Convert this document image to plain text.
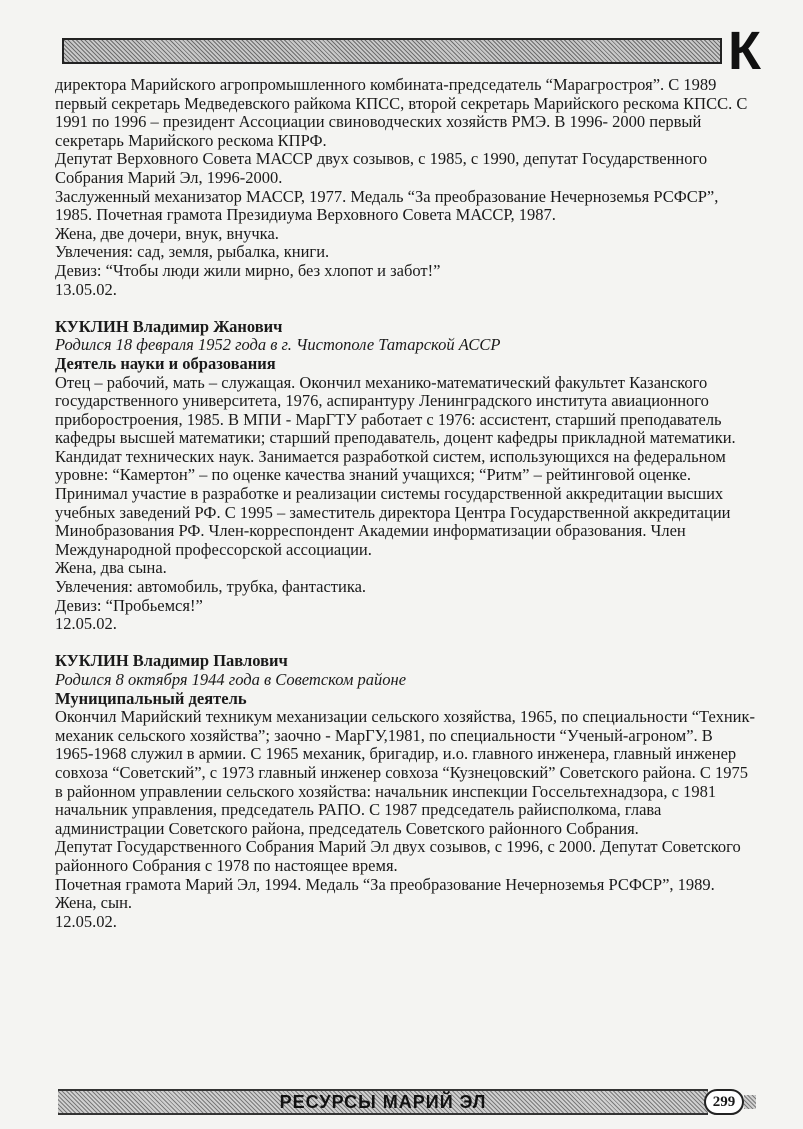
К

директора Марийского агропромышленного комбината-председатель “Марагростроя”. С 1989 первый секретарь Медведевского райкома КПСС, второй секретарь Марийского рескома КПСС. С 1991 по 1996 – президент Ассоциации свиноводческих хозяйств РМЭ. В 1996- 2000 первый секретарь Марийского рескома КПРФ.

Депутат Верховного Совета МАССР двух созывов, с 1985, с 1990, депутат Государственного Собрания Марий Эл, 1996-2000.

Заслуженный механизатор МАССР, 1977. Медаль “За преобразование Нечерноземья РСФСР”, 1985. Почетная грамота Президиума Верховного Совета МАССР, 1987.

Жена, две дочери, внук, внучка.

Увлечения: сад, земля, рыбалка, книги.

Девиз: “Чтобы люди жили мирно, без хлопот и забот!”

13.05.02.

КУКЛИН Владимир Жанович

Родился 18 февраля 1952 года в г. Чистополе Татарской АССР

Деятель науки и образования

Отец – рабочий, мать – служащая. Окончил механико-математический факультет Казанского государственного университета, 1976, аспирантуру Ленинградского института авиационного приборостроения, 1985. В МПИ - МарГТУ работает с 1976: ассистент, старший преподаватель кафедры высшей математики; старший преподаватель, доцент кафедры прикладной математики.

Кандидат технических наук. Занимается разработкой систем, использующихся на федеральном уровне: “Камертон” – по оценке качества знаний учащихся; “Ритм” – рейтинговой оценке. Принимал участие в разработке и реализации системы государственной аккредитации высших учебных заведений РФ. С 1995 – заместитель директора Центра Государственной аккредитации Минобразования РФ. Член-корреспондент Академии информатизации образования. Член Международной профессорской ассоциации.

Жена, два сына.

Увлечения: автомобиль, трубка, фантастика.

Девиз: “Пробьемся!”

12.05.02.

КУКЛИН Владимир Павлович

Родился 8 октября 1944 года в Советском районе

Муниципальный деятель

Окончил Марийский техникум механизации сельского хозяйства, 1965, по специальности “Техник-механик сельского хозяйства”; заочно - МарГУ,1981, по специальности “Ученый-агроном”. В 1965-1968 служил в армии. С 1965 механик, бригадир, и.о. главного инженера, главный инженер совхоза “Советский”, с 1973 главный инженер совхоза “Кузнецовский” Советского района. С 1975 в районном управлении сельского хозяйства: начальник инспекции Госсельтехнадзора, с 1981 начальник управления, председатель РАПО. С 1987 председатель райисполкома, глава администрации Советского района, председатель Советского районного Собрания.

Депутат Государственного Собрания Марий Эл двух созывов, с 1996, с 2000. Депутат Советского районного Собрания с 1978 по настоящее время.

Почетная грамота Марий Эл, 1994. Медаль “За преобразование Нечерноземья РСФСР”, 1989.

Жена, сын.

12.05.02.

РЕСУРСЫ МАРИЙ ЭЛ	299
